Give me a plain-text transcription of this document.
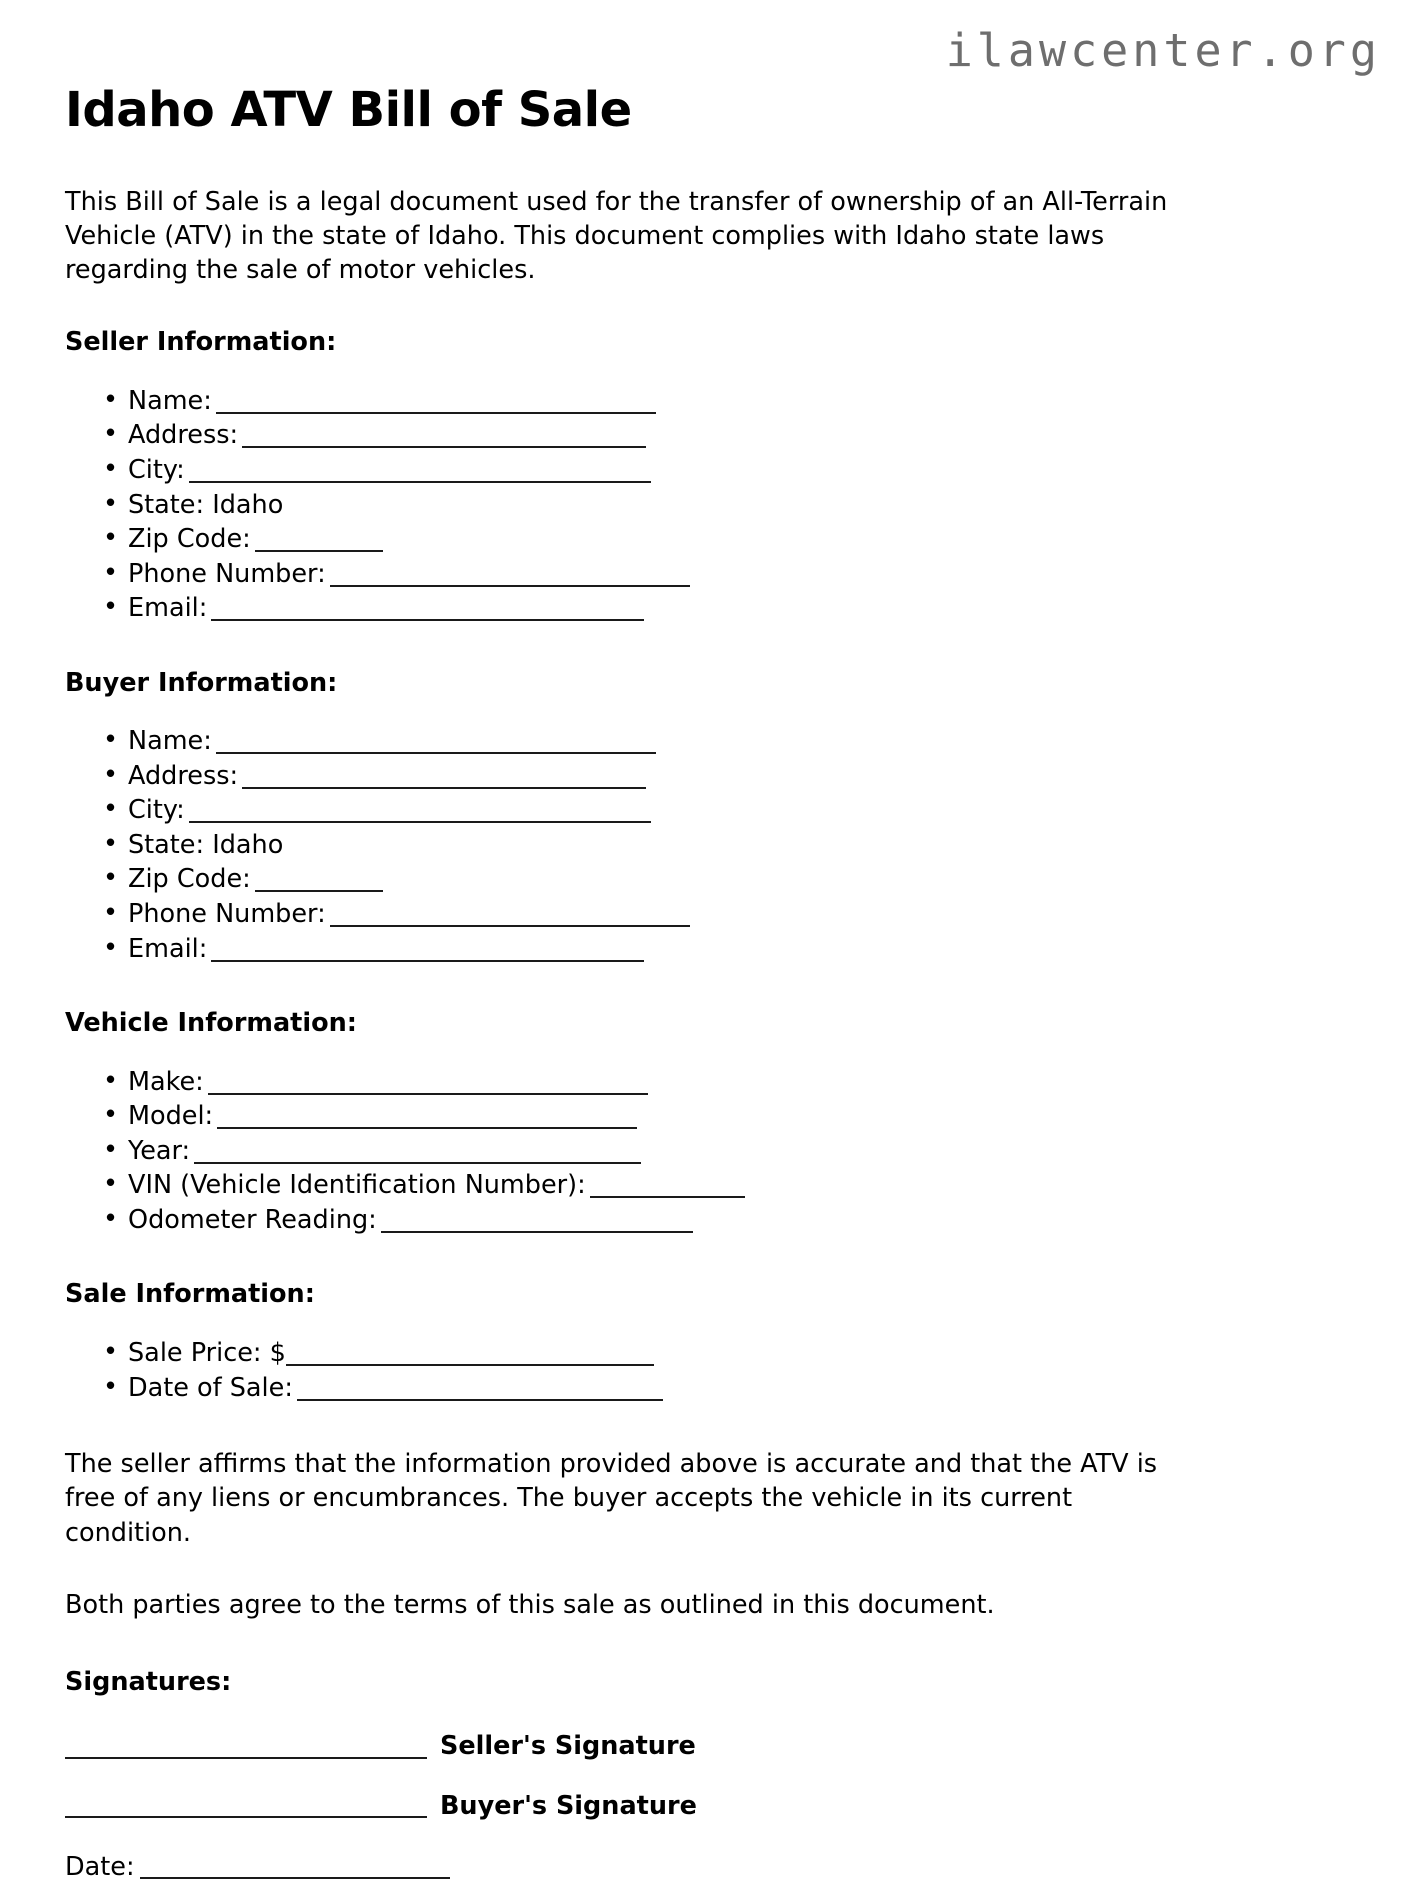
ilawcenter.org
Idaho ATV Bill of Sale

This Bill of Sale is a legal document used for the transfer of ownership of an All-Terrain Vehicle (ATV) in the state of Idaho. This document complies with Idaho state laws regarding the sale of motor vehicles.

Seller Information:
• Name:
• Address:
• City:
• State: Idaho
• Zip Code:
• Phone Number:
• Email:
Buyer Information:
• Name:
• Address:
• City:
• State: Idaho
• Zip Code:
• Phone Number:
• Email:
Vehicle Information:
• Make:
• Model:
• Year:
• VIN (Vehicle Identification Number):
• Odometer Reading:
Sale Information:
• Sale Price: $
• Date of Sale:

The seller affirms that the information provided above is accurate and that the ATV is free of any liens or encumbrances. The buyer accepts the vehicle in its current condition.

Both parties agree to the terms of this sale as outlined in this document.

Signatures:
Seller's Signature
Buyer's Signature
Date:
